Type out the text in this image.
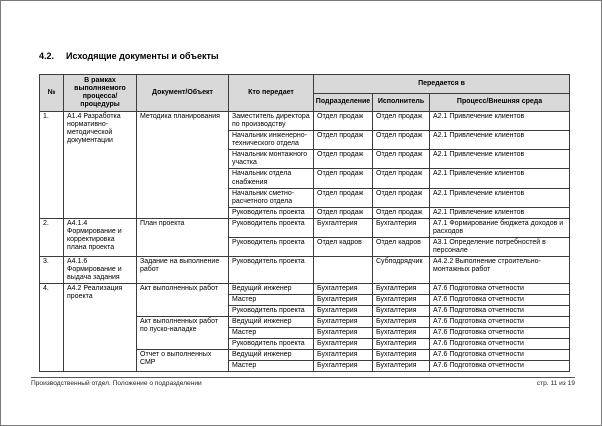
4.2. Исходящие документы и объекты
№	В рамках выполняемого процесса/процедуры	Документ/Объект	Кто передает	Передается в		
				Подразделение	Исполнитель	Процесс/Внешняя среда
1.	А1.4 Разработка нормативно-методической документации	Методика планирования	Заместитель директора по производству	Отдел продаж	Отдел продаж	А2.1 Привлечение клиентов
			Начальник инженерно-технического отдела	Отдел продаж	Отдел продаж	А2.1 Привлечение клиентов
			Начальник монтажного участка	Отдел продаж	Отдел продаж	А2.1 Привлечение клиентов
			Начальник отдела снабжения	Отдел продаж	Отдел продаж	А2.1 Привлечение клиентов
			Начальник сметно-расчетного отдела	Отдел продаж	Отдел продаж	А2.1 Привлечение клиентов
			Руководитель проекта	Отдел продаж	Отдел продаж	А2.1 Привлечение клиентов
2.	А4.1.4 Формирование и корректировка плана проекта	План проекта	Руководитель проекта	Бухгалтерия	Бухгалтерия	А7.1 Формирование бюджета доходов и расходов
			Руководитель проекта	Отдел кадров	Отдел кадров	А3.1 Определение потребностей в персонале
3.	А4.1.6 Формирование и выдача задания	Задание на выполнение работ	Руководитель проекта		Субподрядчик	А4.2.2 Выполнение строительно-монтажных работ
4.	А4.2 Реализация проекта	Акт выполненных работ	Ведущий инженер	Бухгалтерия	Бухгалтерия	А7.6 Подготовка отчетности
			Мастер	Бухгалтерия	Бухгалтерия	А7.6 Подготовка отчетности
			Руководитель проекта	Бухгалтерия	Бухгалтерия	А7.6 Подготовка отчетности
		Акт выполненных работ по пуско-наладке	Ведущий инженер	Бухгалтерия	Бухгалтерия	А7.6 Подготовка отчетности
			Мастер	Бухгалтерия	Бухгалтерия	А7.6 Подготовка отчетности
			Руководитель проекта	Бухгалтерия	Бухгалтерия	А7.6 Подготовка отчетности
		Отчет о выполненных СМР	Ведущий инженер	Бухгалтерия	Бухгалтерия	А7.6 Подготовка отчетности
			Мастер	Бухгалтерия	Бухгалтерия	А7.6 Подготовка отчетности
Производственный отдел. Положение о подразделении	стр. 11 из 19
